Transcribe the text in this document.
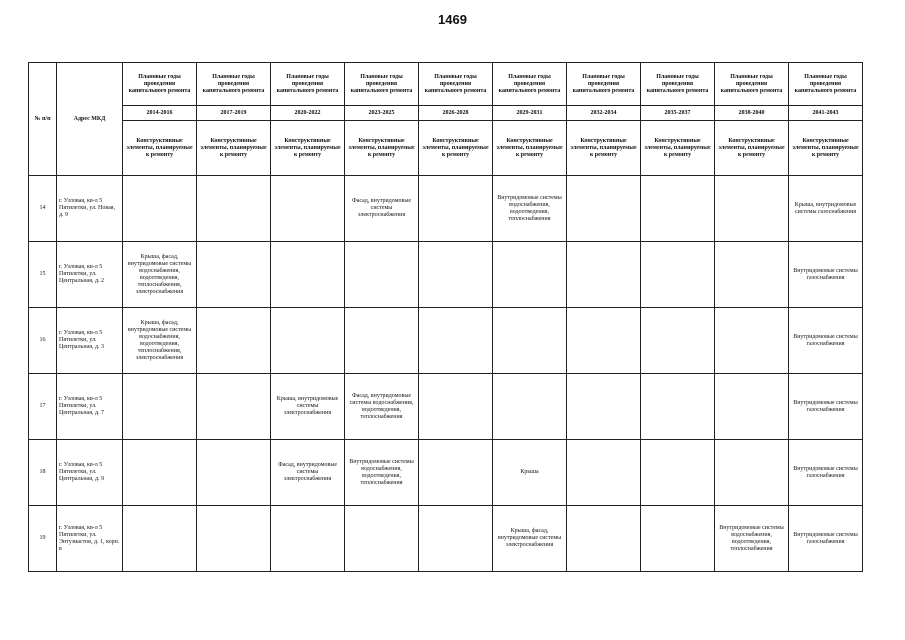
1469
№ п/п	Адрес МКД	Плановые годы проведения капитального ремонта	Плановые годы проведения капитального ремонта	Плановые годы проведения капитального ремонта	Плановые годы проведения капитального ремонта	Плановые годы проведения капитального ремонта	Плановые годы проведения капитального ремонта	Плановые годы проведения капитального ремонта	Плановые годы проведения капитального ремонта	Плановые годы проведения капитального ремонта	Плановые годы проведения капитального ремонта
		2014-2016	2017-2019	2020-2022	2023-2025	2026-2028	2029-2031	2032-2034	2035-2037	2038-2040	2041-2043
		Конструктивные элементы, планируемые к ремонту	Конструктивные элементы, планируемые к ремонту	Конструктивные элементы, планируемые к ремонту	Конструктивные элементы, планируемые к ремонту	Конструктивные элементы, планируемые к ремонту	Конструктивные элементы, планируемые к ремонту	Конструктивные элементы, планируемые к ремонту	Конструктивные элементы, планируемые к ремонту	Конструктивные элементы, планируемые к ремонту	Конструктивные элементы, планируемые к ремонту
14	г. Узловая, кв-л 5 Пятилетки, ул. Новая, д. 9				Фасад, внутридомовые системы электроснабжения		Внутридомовые системы водоснабжения, водоотведения, теплоснабжения				Крыша, внутридомовые системы газоснабжения
15	г. Узловая, кв-л 5 Пятилетки, ул. Центральная, д. 2	Крыша, фасад, внутридомовые системы водоснабжения, водоотведения, теплоснабжения, электроснабжения									Внутридомовые системы газоснабжения
16	г. Узловая, кв-л 5 Пятилетки, ул. Центральная, д. 3	Крыша, фасад, внутридомовые системы водоснабжения, водоотведения, теплоснабжения, электроснабжения									Внутридомовые системы газоснабжения
17	г. Узловая, кв-л 5 Пятилетки, ул. Центральная, д. 7			Крыша, внутридомовые системы электроснабжения	Фасад, внутридомовые системы водоснабжения, водоотведения, теплоснабжения						Внутридомовые системы газоснабжения
18	г. Узловая, кв-л 5 Пятилетки, ул. Центральная, д. 9			Фасад, внутридомовые системы электроснабжения	Внутридомовые системы водоснабжения, водоотведения, теплоснабжения		Крыша				Внутридомовые системы газоснабжения
19	г. Узловая, кв-л 5 Пятилетки, ул. Энтузиастов, д. 1, корп. в						Крыша, фасад, внутридомовые системы электроснабжения			Внутридомовые системы водоснабжения, водоотведения, теплоснабжения	Внутридомовые системы газоснабжения
